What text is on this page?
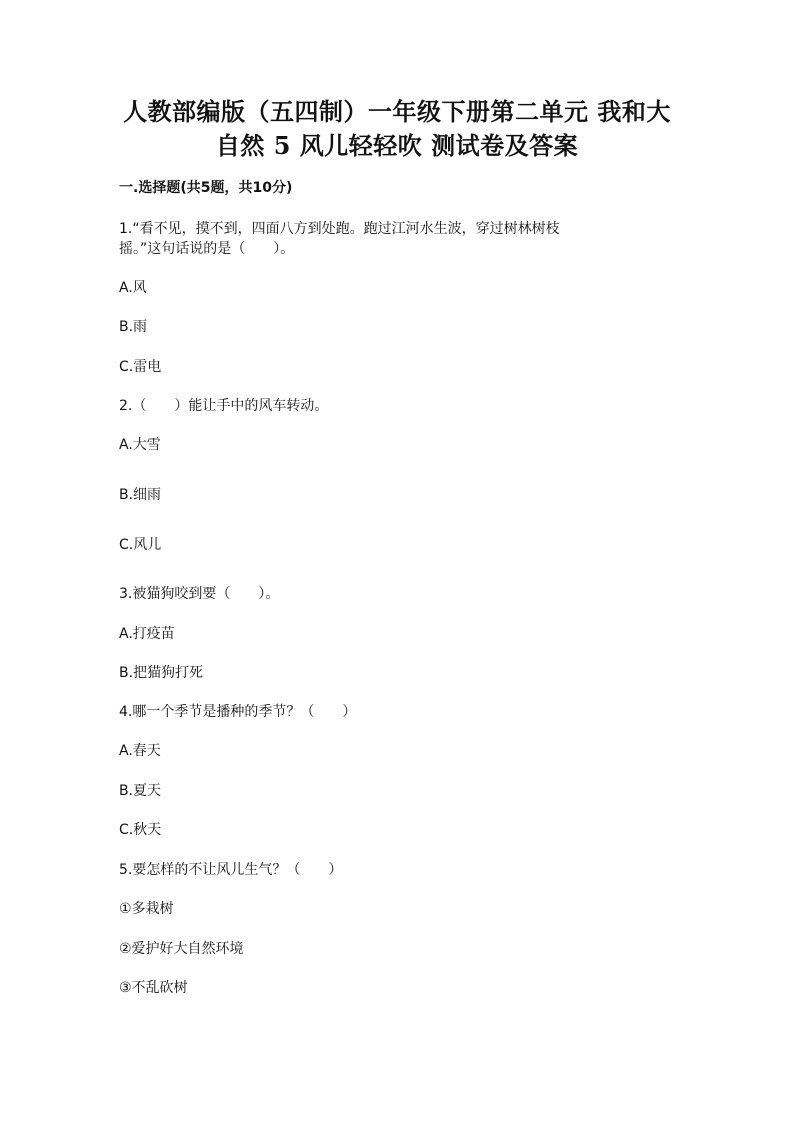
人教部编版（五四制）一年级下册第二单元 我和大
自然 5 风儿轻轻吹 测试卷及答案
一.选择题(共5题，共10分)
1.“看不见，摸不到，四面八方到处跑。跑过江河水生波，穿过树林树枝
摇。”这句话说的是（　　）。
A.风
B.雨
C.雷电
2.（　　）能让手中的风车转动。
A.大雪
B.细雨
C.风儿
3.被猫狗咬到要（　　）。
A.打疫苗
B.把猫狗打死
4.哪一个季节是播种的季节？（　　）
A.春天
B.夏天
C.秋天
5.要怎样的不让风儿生气？（　　）
①多栽树
②爱护好大自然环境
③不乱砍树
